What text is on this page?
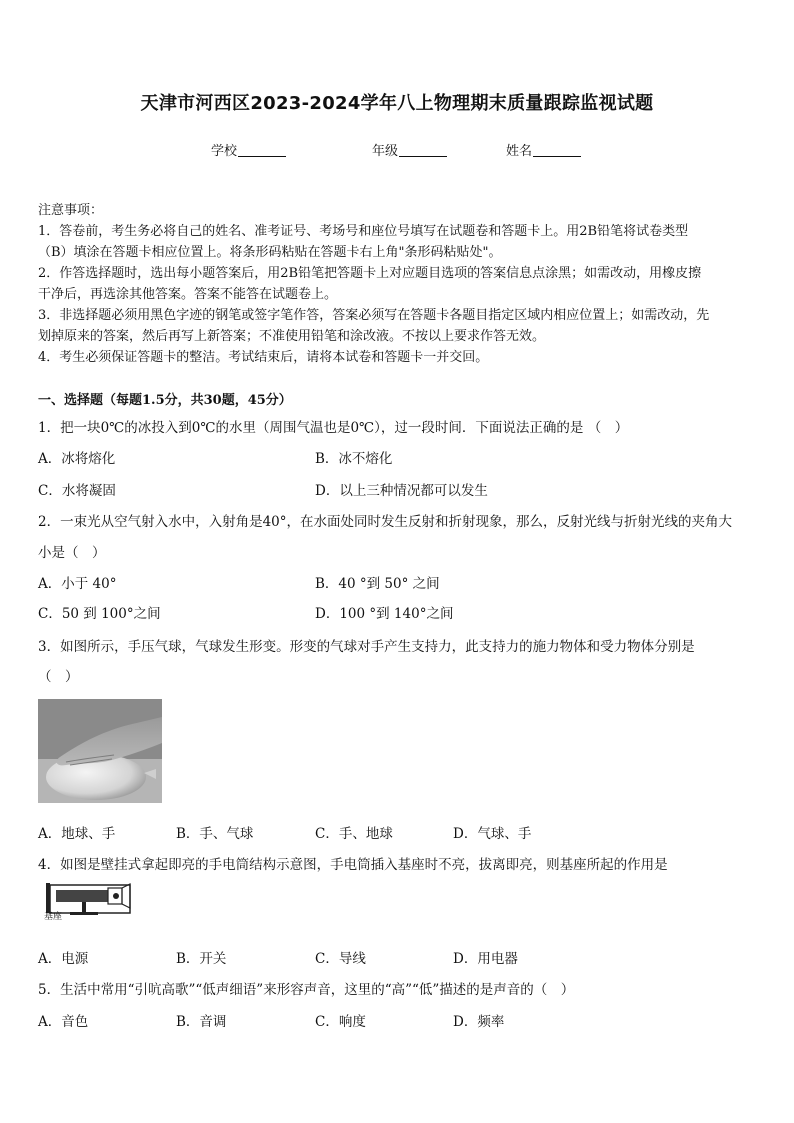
天津市河西区2023-2024学年八上物理期末质量跟踪监视试题
学校	年级	姓名
注意事项：
1．答卷前，考生务必将自己的姓名、准考证号、考场号和座位号填写在试题卷和答题卡上。用2B铅笔将试卷类型
（B）填涂在答题卡相应位置上。将条形码粘贴在答题卡右上角"条形码粘贴处"。
2．作答选择题时，选出每小题答案后，用2B铅笔把答题卡上对应题目选项的答案信息点涂黑；如需改动，用橡皮擦
干净后，再选涂其他答案。答案不能答在试题卷上。
3．非选择题必须用黑色字迹的钢笔或签字笔作答，答案必须写在答题卡各题目指定区域内相应位置上；如需改动，先
划掉原来的答案，然后再写上新答案；不准使用铅笔和涂改液。不按以上要求作答无效。
4．考生必须保证答题卡的整洁。考试结束后，请将本试卷和答题卡一并交回。
一、选择题（每题1.5分，共30题，45分）
1．把一块0℃的冰投入到0℃的水里（周围气温也是0℃），过一段时间．下面说法正确的是 （　）
A．冰将熔化	B．冰不熔化
C．水将凝固	D．以上三种情况都可以发生
2．一束光从空气射入水中，入射角是40°，在水面处同时发生反射和折射现象，那么，反射光线与折射光线的夹角大
小是（　）
A．小于 40°	B．40 °到 50° 之间
C．50 到 100°之间	D．100 °到 140°之间
3．如图所示，手压气球，气球发生形变。形变的气球对手产生支持力，此支持力的施力物体和受力物体分别是
（　）
A．地球、手	B．手、气球	C．手、地球	D．气球、手
4．如图是壁挂式拿起即亮的手电筒结构示意图，手电筒插入基座时不亮，拔离即亮，则基座所起的作用是
基座
A．电源	B．开关	C．导线	D．用电器
5．生活中常用“引吭高歌”“低声细语”来形容声音，这里的“高”“低”描述的是声音的（　）
A．音色	B．音调	C．响度	D．频率
